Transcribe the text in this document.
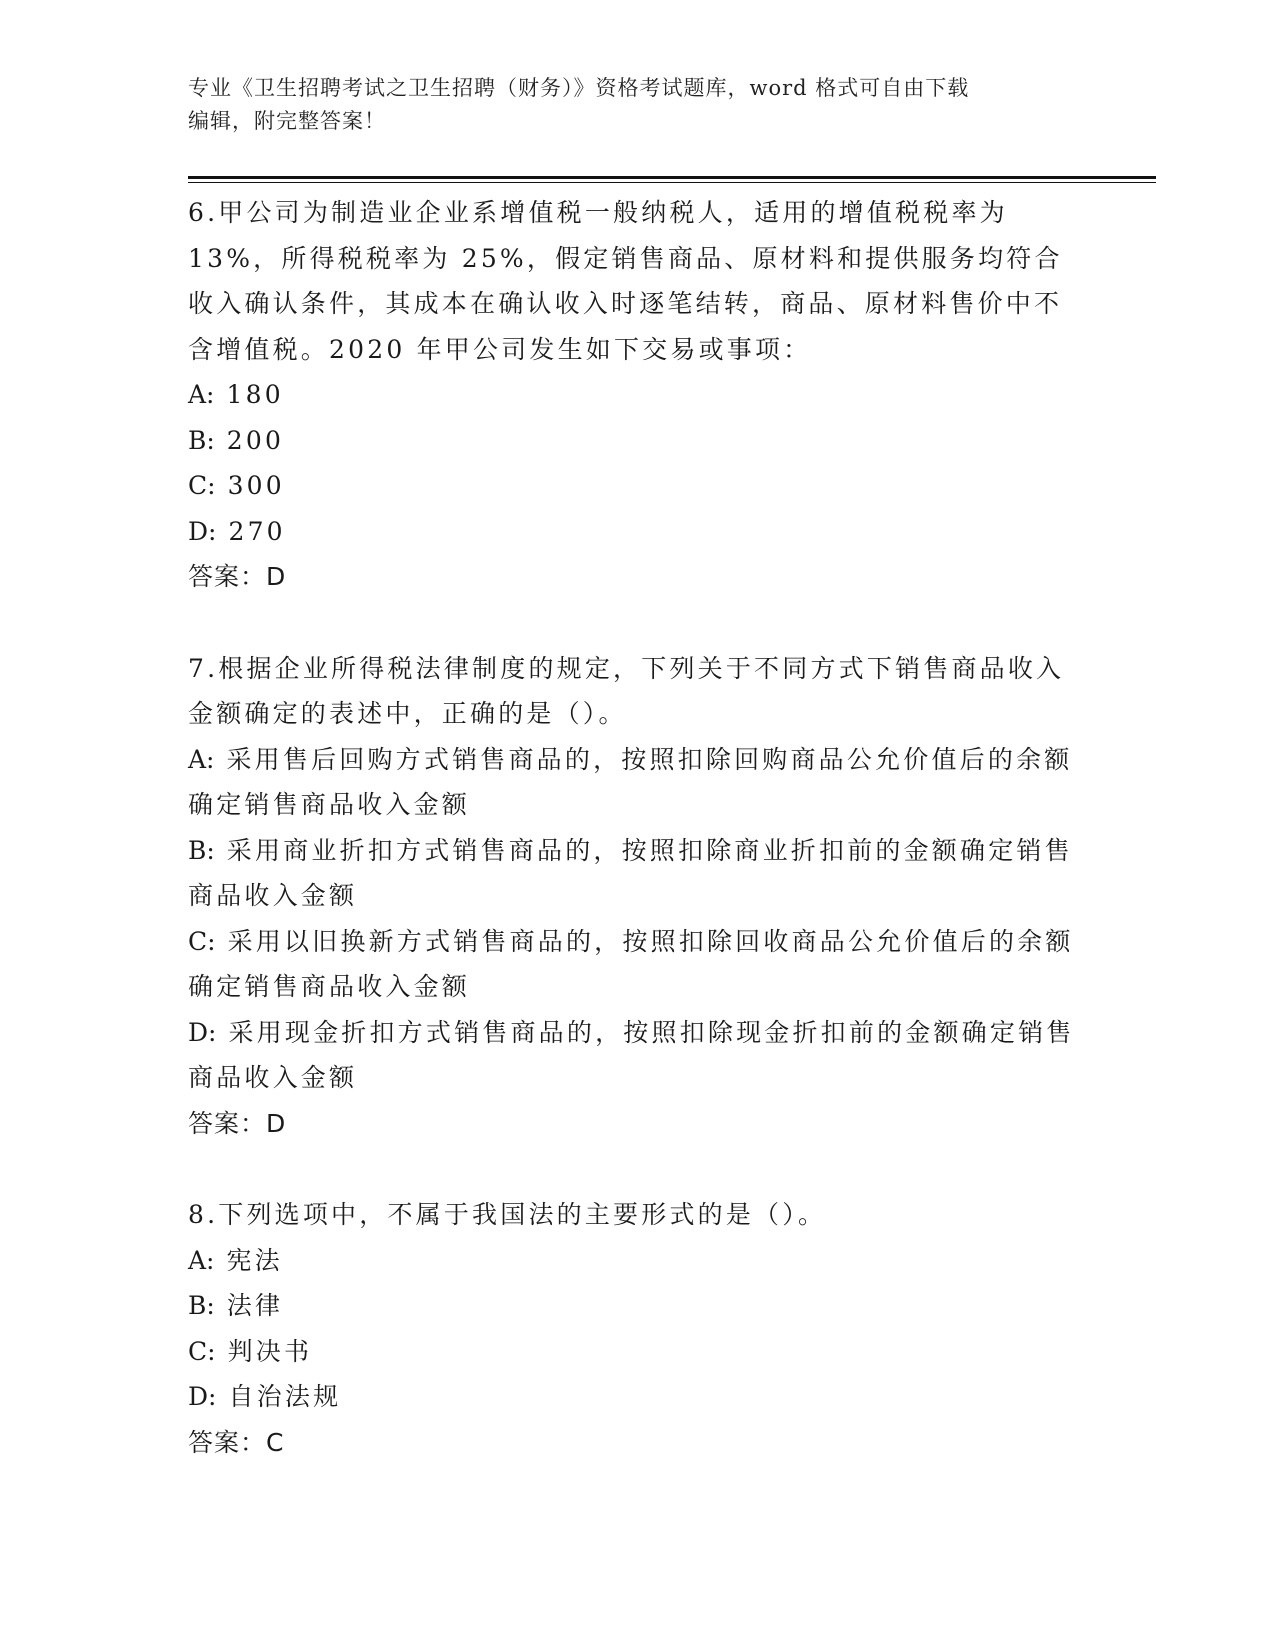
专业《卫生招聘考试之卫生招聘（财务）》资格考试题库，word 格式可自由下载
编辑，附完整答案！
6.甲公司为制造业企业系增值税一般纳税人，适用的增值税税率为 13%，所得税税率为 25%，假定销售商品、原材料和提供服务均符合收入确认条件，其成本在确认收入时逐笔结转，商品、原材料售价中不含增值税。2020 年甲公司发生如下交易或事项：
A: 180
B: 200
C: 300
D: 270
答案：D
7.根据企业所得税法律制度的规定，下列关于不同方式下销售商品收入金额确定的表述中，正确的是（）。
A: 采用售后回购方式销售商品的，按照扣除回购商品公允价值后的余额确定销售商品收入金额
B: 采用商业折扣方式销售商品的，按照扣除商业折扣前的金额确定销售商品收入金额
C: 采用以旧换新方式销售商品的，按照扣除回收商品公允价值后的余额确定销售商品收入金额
D: 采用现金折扣方式销售商品的，按照扣除现金折扣前的金额确定销售商品收入金额
答案：D
8.下列选项中，不属于我国法的主要形式的是（）。
A: 宪法
B: 法律
C: 判决书
D: 自治法规
答案：C
